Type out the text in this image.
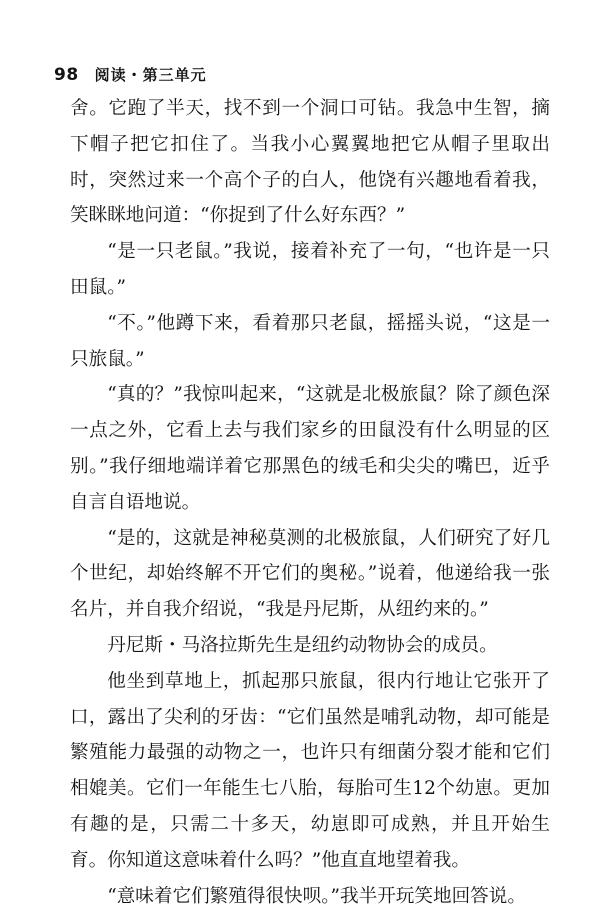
98 阅读・第三单元

舍。它跑了半天，找不到一个洞口可钻。我急中生智，摘下帽子把它扣住了。当我小心翼翼地把它从帽子里取出时，突然过来一个高个子的白人，他饶有兴趣地看着我，笑眯眯地问道：“你捉到了什么好东西？”

“是一只老鼠。”我说，接着补充了一句，“也许是一只田鼠。”

“不。”他蹲下来，看着那只老鼠，摇摇头说，“这是一只旅鼠。”

“真的？”我惊叫起来，“这就是北极旅鼠？除了颜色深一点之外，它看上去与我们家乡的田鼠没有什么明显的区别。”我仔细地端详着它那黑色的绒毛和尖尖的嘴巴，近乎自言自语地说。

“是的，这就是神秘莫测的北极旅鼠，人们研究了好几个世纪，却始终解不开它们的奥秘。”说着，他递给我一张名片，并自我介绍说，“我是丹尼斯，从纽约来的。”

丹尼斯・马洛拉斯先生是纽约动物协会的成员。

他坐到草地上，抓起那只旅鼠，很内行地让它张开了口，露出了尖利的牙齿：“它们虽然是哺乳动物，却可能是繁殖能力最强的动物之一，也许只有细菌分裂才能和它们相媲美。它们一年能生七八胎，每胎可生12个幼崽。更加有趣的是，只需二十多天，幼崽即可成熟，并且开始生育。你知道这意味着什么吗？”他直直地望着我。

“意味着它们繁殖得很快呗。”我半开玩笑地回答说。
